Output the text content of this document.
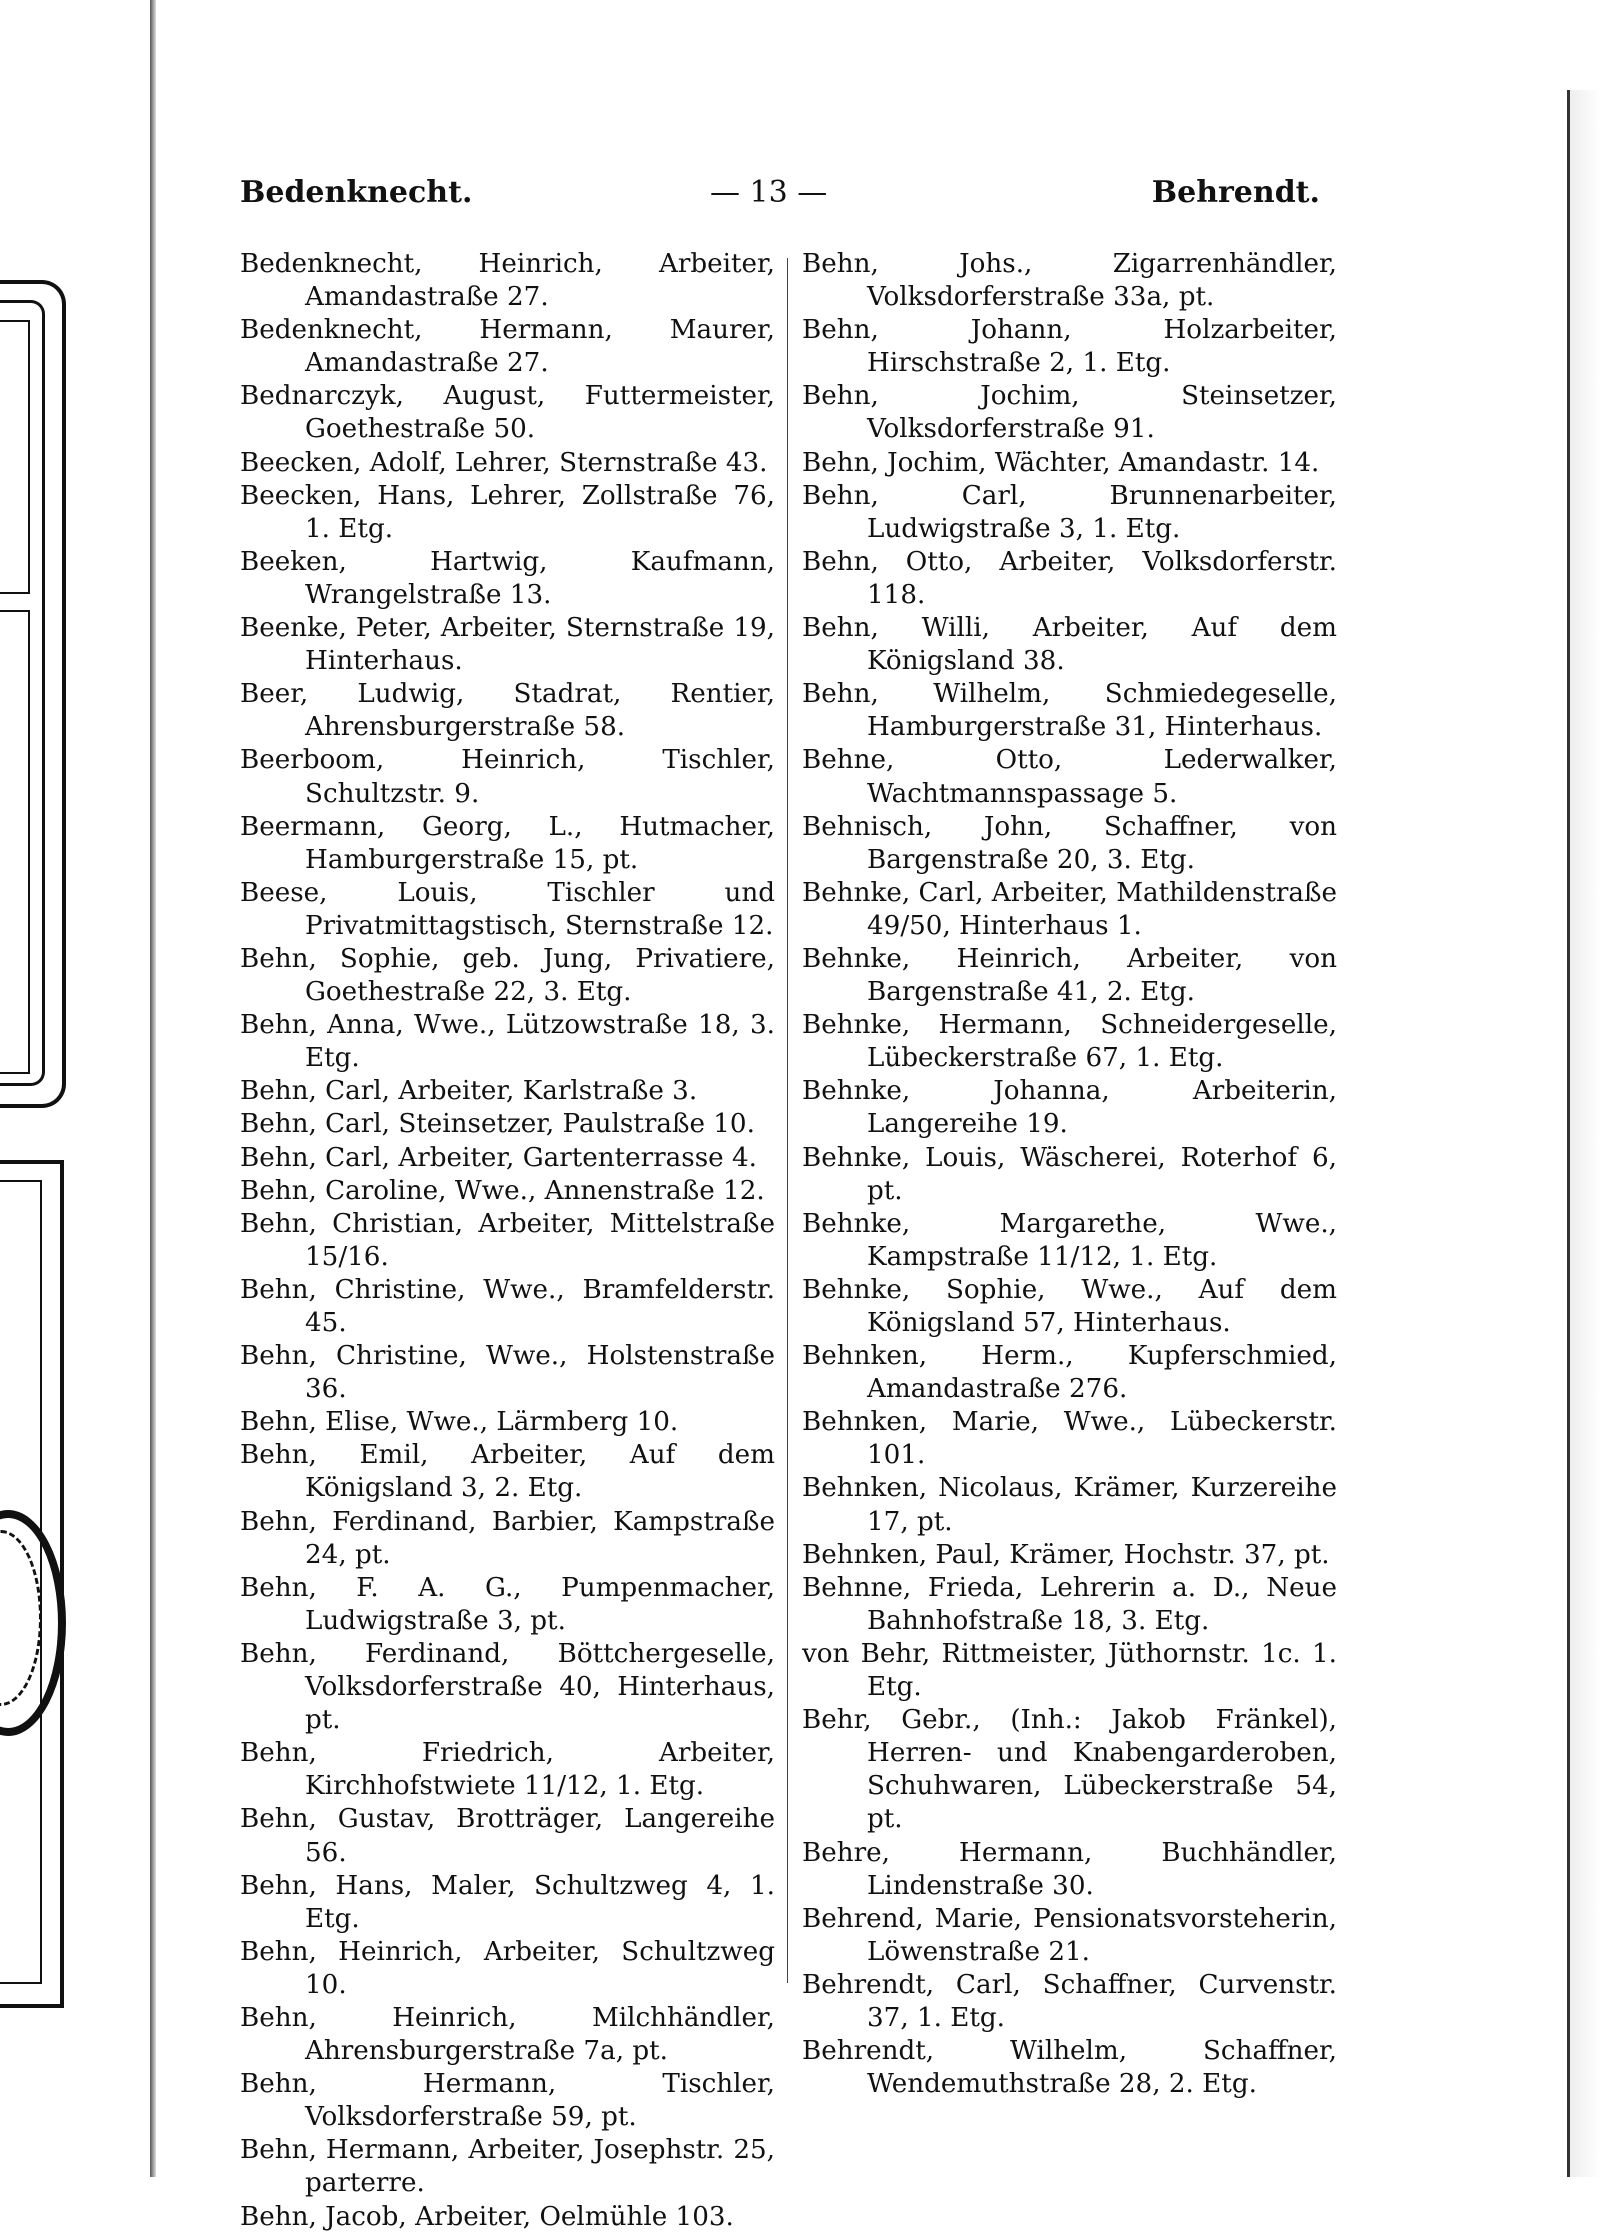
Bedenknecht.	— 13 —	Behrendt.

Bedenknecht, Heinrich, Arbeiter, Amandastraße 27.

Bedenknecht, Hermann, Maurer, Amandastraße 27.

Bednarczyk, August, Futtermeister, Goethestraße 50.

Beecken, Adolf, Lehrer, Sternstraße 43.

Beecken, Hans, Lehrer, Zollstraße 76, 1. Etg.

Beeken, Hartwig, Kaufmann, Wrangelstraße 13.

Beenke, Peter, Arbeiter, Sternstraße 19, Hinterhaus.

Beer, Ludwig, Stadrat, Rentier, Ahrensburgerstraße 58.

Beerboom, Heinrich, Tischler, Schultzstr. 9.

Beermann, Georg, L., Hutmacher, Hamburgerstraße 15, pt.

Beese, Louis, Tischler und Privatmittagstisch, Sternstraße 12.

Behn, Sophie, geb. Jung, Privatiere, Goethestraße 22, 3. Etg.

Behn, Anna, Wwe., Lützowstraße 18, 3. Etg.

Behn, Carl, Arbeiter, Karlstraße 3.

Behn, Carl, Steinsetzer, Paulstraße 10.

Behn, Carl, Arbeiter, Gartenterrasse 4.

Behn, Caroline, Wwe., Annenstraße 12.

Behn, Christian, Arbeiter, Mittelstraße 15/16.

Behn, Christine, Wwe., Bramfelderstr. 45.

Behn, Christine, Wwe., Holstenstraße 36.

Behn, Elise, Wwe., Lärmberg 10.

Behn, Emil, Arbeiter, Auf dem Königsland 3, 2. Etg.

Behn, Ferdinand, Barbier, Kampstraße 24, pt.

Behn, F. A. G., Pumpenmacher, Ludwigstraße 3, pt.

Behn, Ferdinand, Böttchergeselle, Volksdorferstraße 40, Hinterhaus, pt.

Behn, Friedrich, Arbeiter, Kirchhofstwiete 11/12, 1. Etg.

Behn, Gustav, Brotträger, Langereihe 56.

Behn, Hans, Maler, Schultzweg 4, 1. Etg.

Behn, Heinrich, Arbeiter, Schultzweg 10.

Behn, Heinrich, Milchhändler, Ahrensburgerstraße 7a, pt.

Behn, Hermann, Tischler, Volksdorferstraße 59, pt.

Behn, Hermann, Arbeiter, Josephstr. 25, parterre.

Behn, Jacob, Arbeiter, Oelmühle 103.

Behn, Johs., Zigarrenhändler, Volksdorferstraße 33a, pt.

Behn, Johann, Holzarbeiter, Hirschstraße 2, 1. Etg.

Behn, Jochim, Steinsetzer, Volksdorferstraße 91.

Behn, Jochim, Wächter, Amandastr. 14.

Behn, Carl, Brunnenarbeiter, Ludwigstraße 3, 1. Etg.

Behn, Otto, Arbeiter, Volksdorferstr. 118.

Behn, Willi, Arbeiter, Auf dem Königsland 38.

Behn, Wilhelm, Schmiedegeselle, Hamburgerstraße 31, Hinterhaus.

Behne, Otto, Lederwalker, Wachtmannspassage 5.

Behnisch, John, Schaffner, von Bargenstraße 20, 3. Etg.

Behnke, Carl, Arbeiter, Mathildenstraße 49/50, Hinterhaus 1.

Behnke, Heinrich, Arbeiter, von Bargenstraße 41, 2. Etg.

Behnke, Hermann, Schneidergeselle, Lübeckerstraße 67, 1. Etg.

Behnke, Johanna, Arbeiterin, Langereihe 19.

Behnke, Louis, Wäscherei, Roterhof 6, pt.

Behnke, Margarethe, Wwe., Kampstraße 11/12, 1. Etg.

Behnke, Sophie, Wwe., Auf dem Königsland 57, Hinterhaus.

Behnken, Herm., Kupferschmied, Amandastraße 276.

Behnken, Marie, Wwe., Lübeckerstr. 101.

Behnken, Nicolaus, Krämer, Kurzereihe 17, pt.

Behnken, Paul, Krämer, Hochstr. 37, pt.

Behnne, Frieda, Lehrerin a. D., Neue Bahnhofstraße 18, 3. Etg.

von Behr, Rittmeister, Jüthornstr. 1c. 1. Etg.

Behr, Gebr., (Inh.: Jakob Fränkel), Herren- und Knabengarderoben, Schuhwaren, Lübeckerstraße 54, pt.

Behre, Hermann, Buchhändler, Lindenstraße 30.

Behrend, Marie, Pensionatsvorsteherin, Löwenstraße 21.

Behrendt, Carl, Schaffner, Curvenstr. 37, 1. Etg.

Behrendt, Wilhelm, Schaffner, Wendemuthstraße 28, 2. Etg.
